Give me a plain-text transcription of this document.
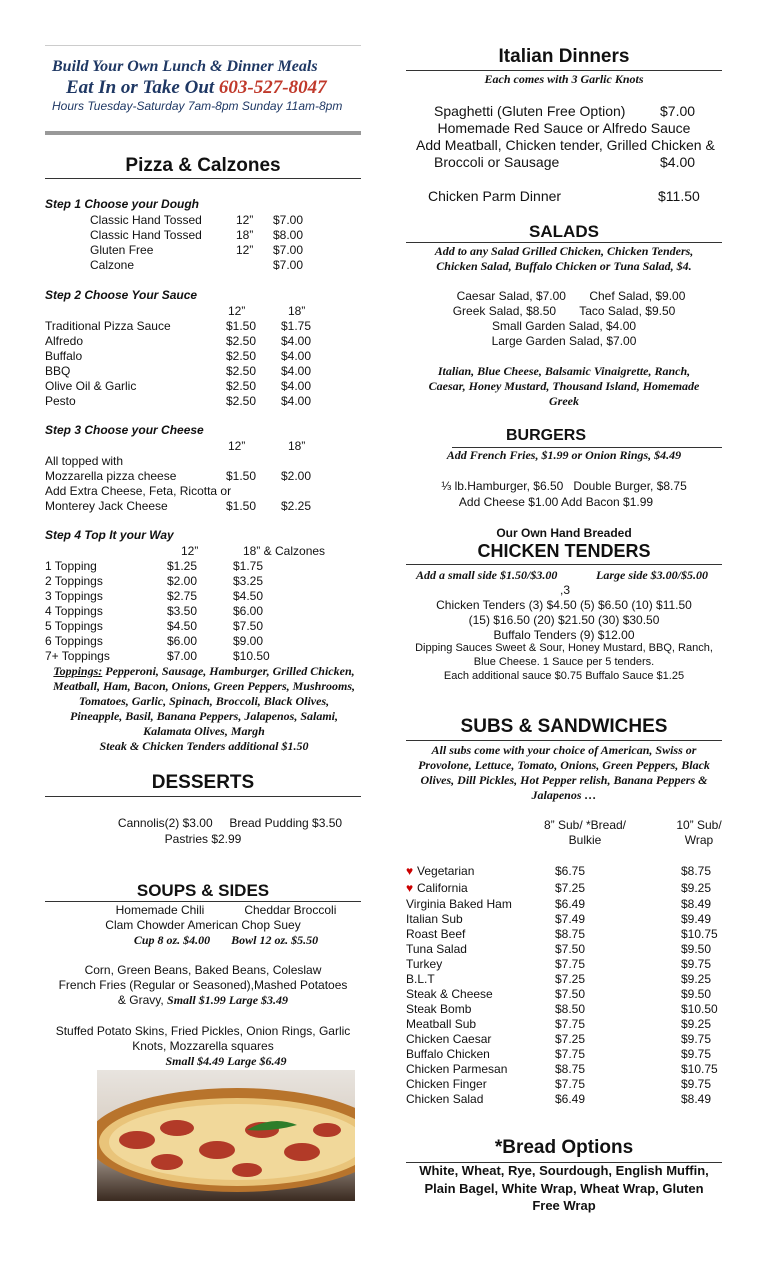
Build Your Own Lunch & Dinner Meals
Eat In or Take Out 603-527-8047
Hours Tuesday-Saturday 7am-8pm Sunday 11am-8pm
Pizza & Calzones
Step 1 Choose your Dough
Classic Hand Tossed	12” $7.00
Classic Hand Tossed	18” $8.00
Gluten Free	12” $7.00
Calzone	$7.00
Step 2 Choose Your Sauce
12”	18”
Traditional Pizza Sauce	$1.50 $1.75
Alfredo	$2.50 $4.00
Buffalo	$2.50 $4.00
BBQ	$2.50 $4.00
Olive Oil & Garlic	$2.50 $4.00
Pesto	$2.50 $4.00
Step 3 Choose your Cheese
12”	18”
All topped with
Mozzarella pizza cheese	$1.50 $2.00
Add Extra Cheese, Feta, Ricotta or
Monterey Jack Cheese	$1.50 $2.25
Step 4 Top It your Way
12”	18” & Calzones
1 Topping	$1.25	$1.75
2 Toppings	$2.00	$3.25
3 Toppings	$2.75	$4.50
4 Toppings	$3.50	$6.00
5 Toppings	$4.50	$7.50
6 Toppings	$6.00	$9.00
7+ Toppings	$7.00	$10.50
Toppings: Pepperoni, Sausage, Hamburger, Grilled Chicken, Meatball, Ham, Bacon, Onions, Green Peppers, Mushrooms, Tomatoes, Garlic, Spinach, Broccoli, Black Olives, Pineapple, Basil, Banana Peppers, Jalapenos, Salami, Kalamata Olives, Margh
Steak & Chicken Tenders additional $1.50
DESSERTS
Cannolis(2) $3.00     Bread Pudding $3.50
Pastries $2.99
SOUPS & SIDES
Homemade Chili            Cheddar Broccoli
Clam Chowder American Chop Suey
Cup 8 oz. $4.00       Bowl 12 oz. $5.50
Corn, Green Beans, Baked Beans, Coleslaw
French Fries (Regular or Seasoned),Mashed Potatoes
& Gravy, Small $1.99 Large $3.49
Stuffed Potato Skins, Fried Pickles, Onion Rings, Garlic
Knots, Mozzarella squares
Small $4.49 Large $6.49
Italian Dinners
Each comes with 3 Garlic Knots
Spaghetti (Gluten Free Option) $7.00
Homemade Red Sauce or Alfredo Sauce
Add Meatball, Chicken tender, Grilled Chicken &
Broccoli or Sausage	$4.00
Chicken Parm Dinner	$11.50
SALADS
Add to any Salad Grilled Chicken, Chicken Tenders,
Chicken Salad, Buffalo Chicken or Tuna Salad, $4.
Caesar Salad, $7.00       Chef Salad, $9.00
Greek Salad, $8.50       Taco Salad, $9.50
Small Garden Salad, $4.00
Large Garden Salad, $7.00
Italian, Blue Cheese, Balsamic Vinaigrette, Ranch,
Caesar, Honey Mustard, Thousand Island, Homemade
Greek
BURGERS
Add French Fries, $1.99 or Onion Rings, $4.49
⅓ lb.Hamburger, $6.50   Double Burger, $8.75
Add Cheese $1.00 Add Bacon $1.99
Our Own Hand Breaded
CHICKEN TENDERS
Add a small side $1.50/$3.00	Large side $3.00/$5.00
,3
Chicken Tenders (3) $4.50 (5) $6.50 (10) $11.50
(15) $16.50 (20) $21.50 (30) $30.50
Buffalo Tenders (9) $12.00
Dipping Sauces Sweet & Sour, Honey Mustard, BBQ, Ranch,
Blue Cheese. 1 Sauce per 5 tenders.
Each additional sauce $0.75 Buffalo Sauce $1.25
SUBS & SANDWICHES
All subs come with your choice of American, Swiss or
Provolone, Lettuce, Tomato, Onions, Green Peppers, Black
Olives, Dill Pickles, Hot Pepper relish, Banana Peppers &
Jalapenos …
8” Sub/ *Bread/
Bulkie
10” Sub/
Wrap
♥ Vegetarian	$6.75	$8.75
♥ California	$7.25	$9.25
Virginia Baked Ham	$6.49	$8.49
Italian Sub	$7.49	$9.49
Roast Beef	$8.75	$10.75
Tuna Salad	$7.50	$9.50
Turkey	$7.75	$9.75
B.L.T	$7.25	$9.25
Steak & Cheese	$7.50	$9.50
Steak Bomb	$8.50	$10.50
Meatball Sub	$7.75	$9.25
Chicken Caesar	$7.25	$9.75
Buffalo Chicken	$7.75	$9.75
Chicken Parmesan	$8.75	$10.75
Chicken Finger	$7.75	$9.75
Chicken Salad	$6.49	$8.49
*Bread Options
White, Wheat, Rye, Sourdough, English Muffin,
Plain Bagel, White Wrap, Wheat Wrap, Gluten
Free Wrap
